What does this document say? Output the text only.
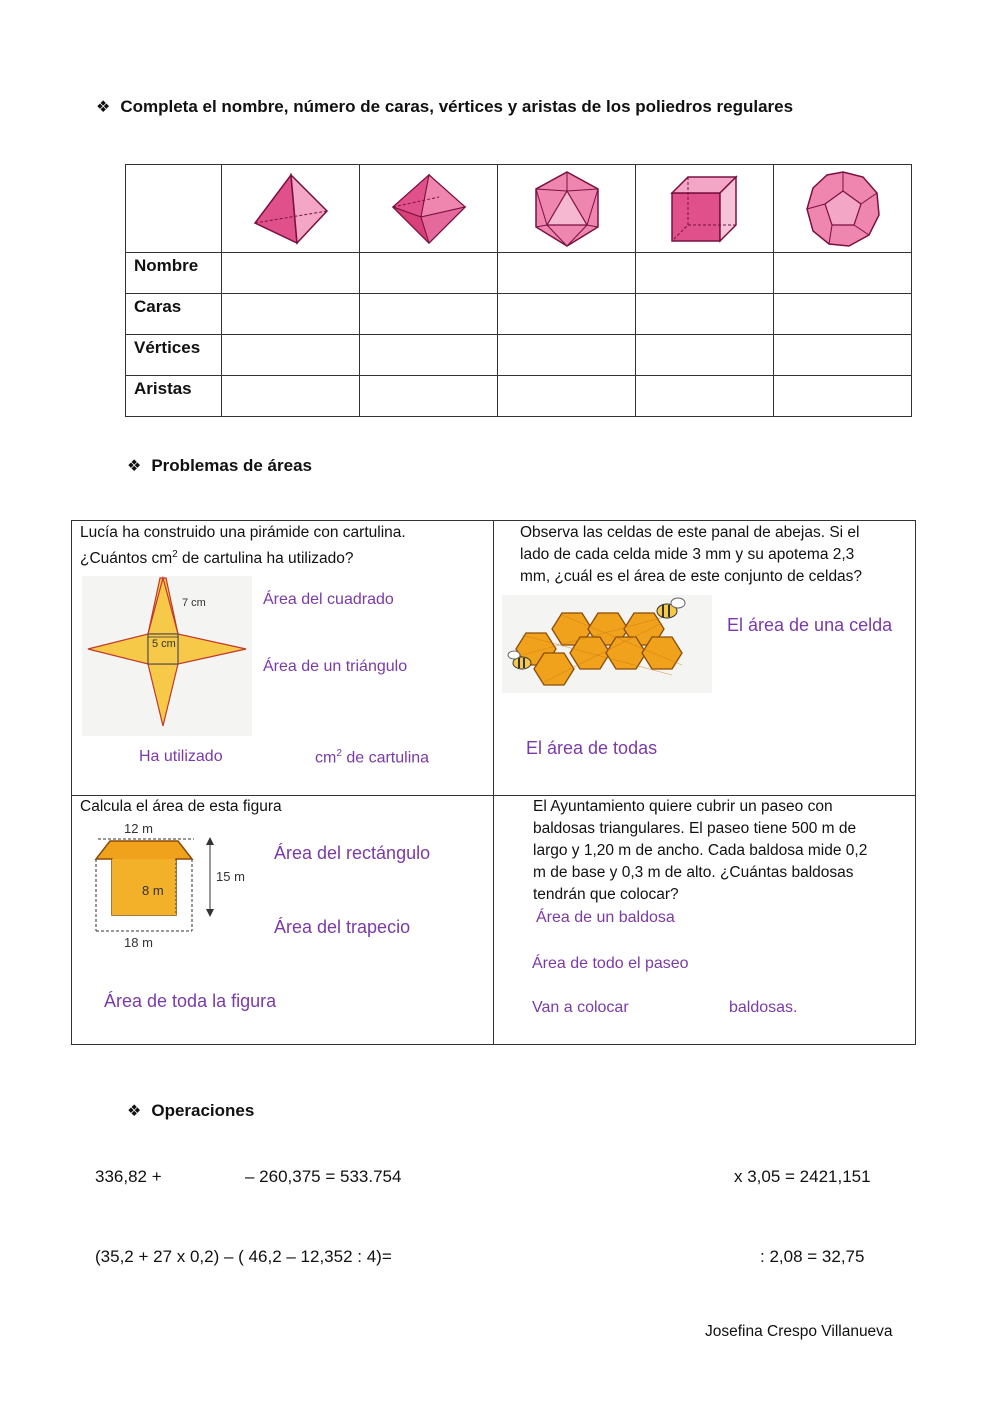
❖ Completa el nombre, número de caras, vértices y aristas de los poliedros regulares

Nombre					
Caras					
Vértices					
Aristas					
❖ Problemas de áreas
Lucía ha construido una pirámide con cartulina.
¿Cuántos $cm^2$ de cartulina ha utilizado?
7 cm
5 cm
Área del cuadrado
Área de un triángulo
Ha utilizado	$cm^2$ de cartulina
Observa las celdas de este panal de abejas. Si el
lado de cada celda mide 3 mm y su apotema 2,3
mm, ¿cuál es el área de este conjunto de celdas?
El área de una celda
El área de todas
Calcula el área de esta figura
12 m
15 m
8 m
18 m
Área del rectángulo
Área del trapecio
Área de toda la figura
El Ayuntamiento quiere cubrir un paseo con
baldosas triangulares. El paseo tiene 500 m de
largo y 1,20 m de ancho. Cada baldosa mide 0,2
m de base y 0,3 m de alto. ¿Cuántas baldosas
tendrán que colocar?
Área de un baldosa
Área de todo el paseo
Van a colocar	baldosas.
❖ Operaciones
336,82 +	– 260,375 = 533.754	x 3,05 = 2421,151
(35,2 + 27 x 0,2) – ( 46,2 – 12,352 : 4)=	: 2,08 = 32,75
Josefina Crespo Villanueva
